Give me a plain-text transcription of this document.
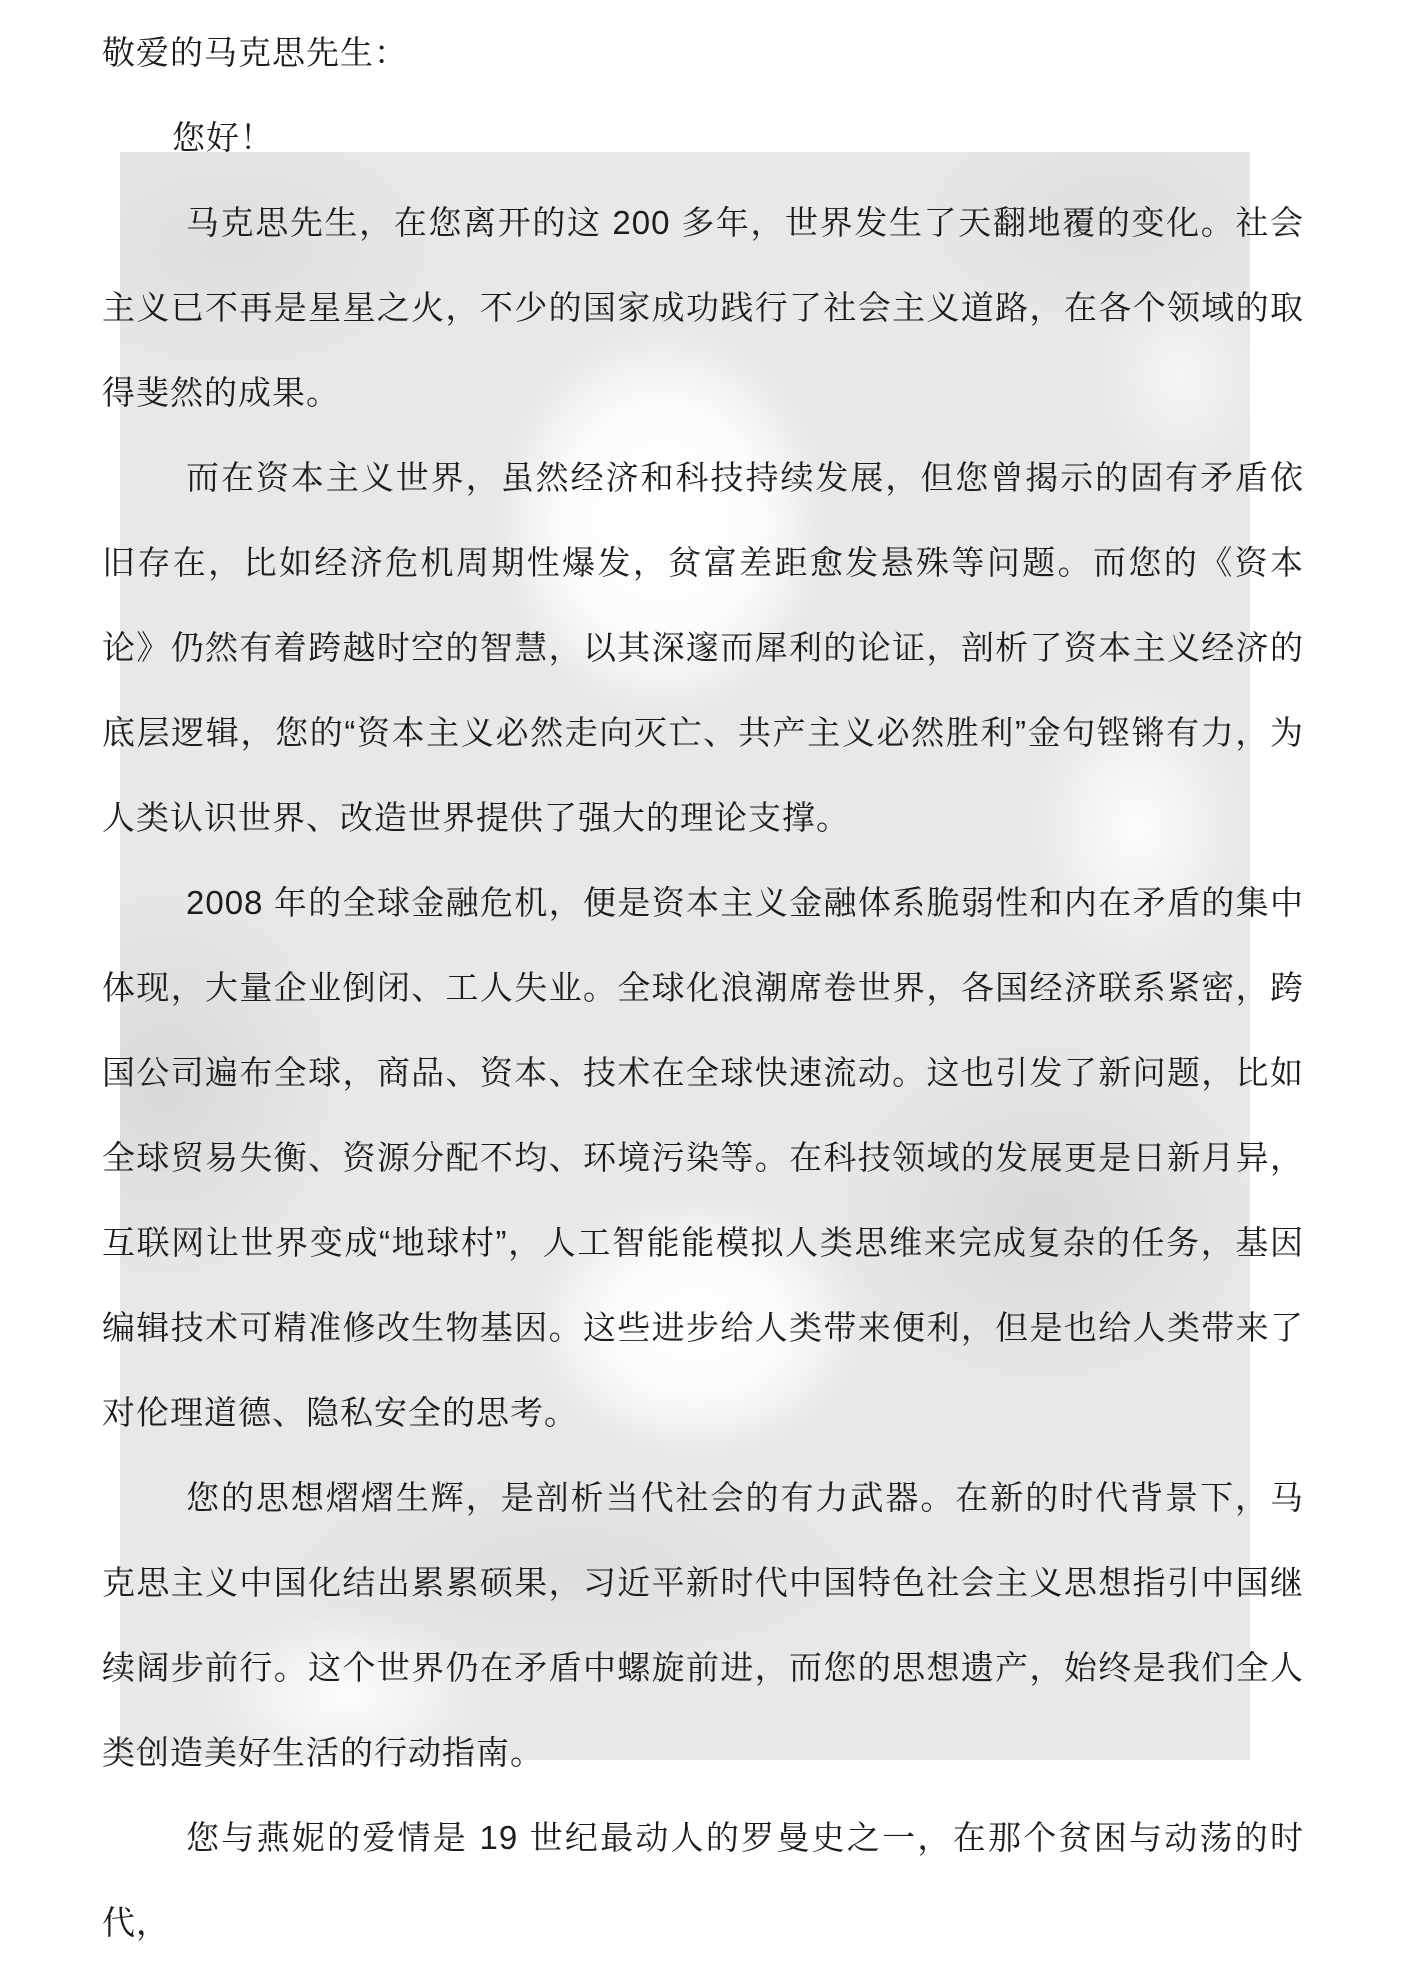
敬爱的马克思先生：

您好！

马克思先生，在您离开的这 200 多年，世界发生了天翻地覆的变化。社会主义已不再是星星之火，不少的国家成功践行了社会主义道路，在各个领域的取得斐然的成果。

而在资本主义世界，虽然经济和科技持续发展，但您曾揭示的固有矛盾依旧存在，比如经济危机周期性爆发，贫富差距愈发悬殊等问题。而您的《资本论》仍然有着跨越时空的智慧，以其深邃而犀利的论证，剖析了资本主义经济的底层逻辑，您的“资本主义必然走向灭亡、共产主义必然胜利”金句铿锵有力，为人类认识世界、改造世界提供了强大的理论支撑。

2008 年的全球金融危机，便是资本主义金融体系脆弱性和内在矛盾的集中体现，大量企业倒闭、工人失业。全球化浪潮席卷世界，各国经济联系紧密，跨国公司遍布全球，商品、资本、技术在全球快速流动。这也引发了新问题，比如全球贸易失衡、资源分配不均、环境污染等。在科技领域的发展更是日新月异，互联网让世界变成“地球村”，人工智能能模拟人类思维来完成复杂的任务，基因编辑技术可精准修改生物基因。这些进步给人类带来便利，但是也给人类带来了对伦理道德、隐私安全的思考。

您的思想熠熠生辉，是剖析当代社会的有力武器。在新的时代背景下，马克思主义中国化结出累累硕果，习近平新时代中国特色社会主义思想指引中国继续阔步前行。这个世界仍在矛盾中螺旋前进，而您的思想遗产，始终是我们全人类创造美好生活的行动指南。

您与燕妮的爱情是 19 世纪最动人的罗曼史之一，在那个贫困与动荡的时代，
